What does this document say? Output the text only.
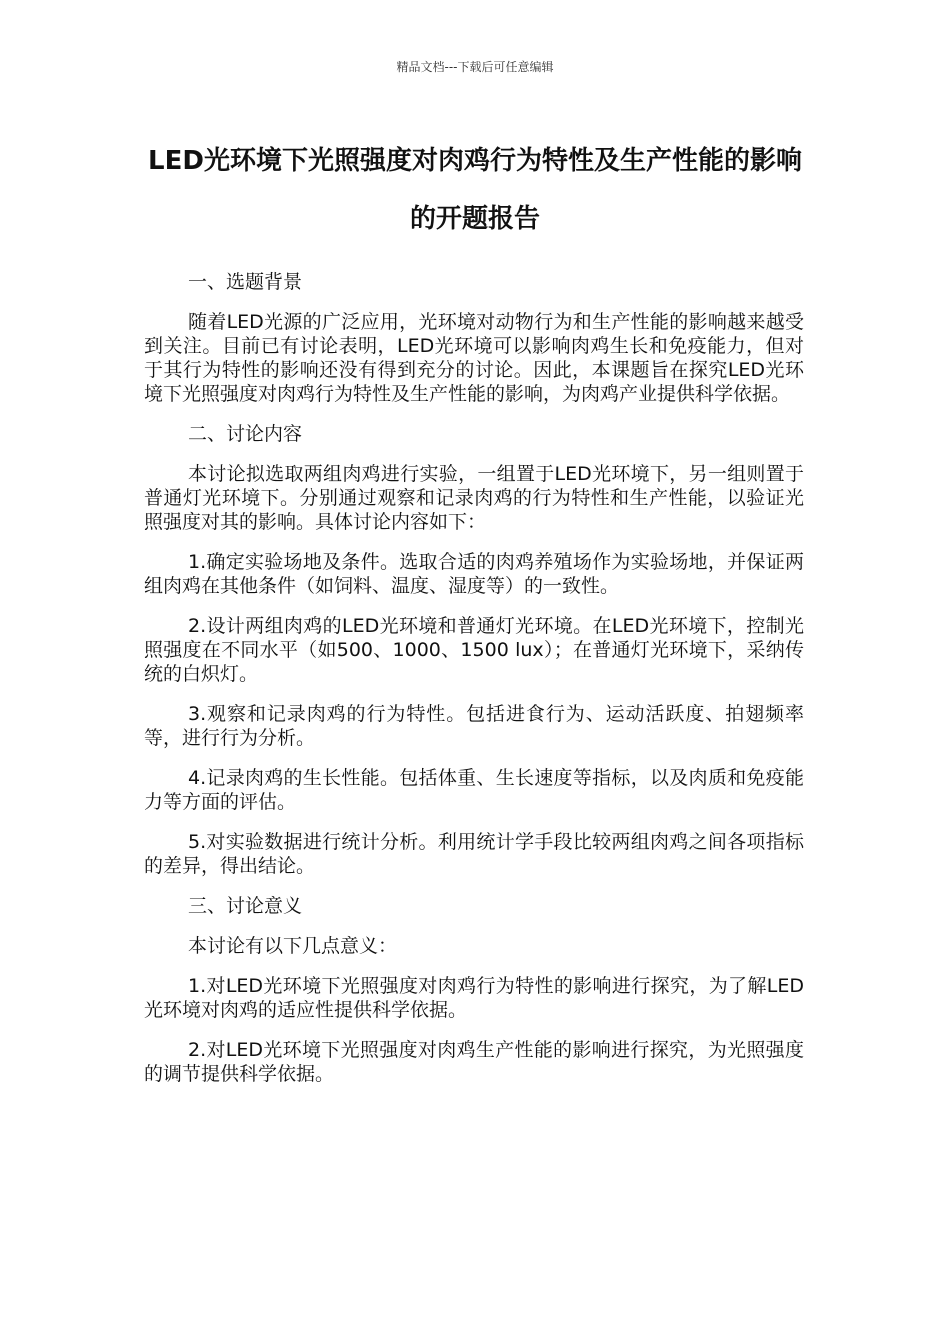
精品文档---下载后可任意编辑
LED光环境下光照强度对肉鸡行为特性及生产性能的影响的开题报告

一、选题背景

随着LED光源的广泛应用，光环境对动物行为和生产性能的影响越来越受到关注。目前已有讨论表明，LED光环境可以影响肉鸡生长和免疫能力，但对于其行为特性的影响还没有得到充分的讨论。因此，本课题旨在探究LED光环境下光照强度对肉鸡行为特性及生产性能的影响，为肉鸡产业提供科学依据。

二、讨论内容

本讨论拟选取两组肉鸡进行实验，一组置于LED光环境下，另一组则置于普通灯光环境下。分别通过观察和记录肉鸡的行为特性和生产性能，以验证光照强度对其的影响。具体讨论内容如下：

1.确定实验场地及条件。选取合适的肉鸡养殖场作为实验场地，并保证两组肉鸡在其他条件（如饲料、温度、湿度等）的一致性。

2.设计两组肉鸡的LED光环境和普通灯光环境。在LED光环境下，控制光照强度在不同水平（如500、1000、1500 lux）；在普通灯光环境下，采纳传统的白炽灯。

3.观察和记录肉鸡的行为特性。包括进食行为、运动活跃度、拍翅频率等，进行行为分析。

4.记录肉鸡的生长性能。包括体重、生长速度等指标，以及肉质和免疫能力等方面的评估。

5.对实验数据进行统计分析。利用统计学手段比较两组肉鸡之间各项指标的差异，得出结论。

三、讨论意义

本讨论有以下几点意义：

1.对LED光环境下光照强度对肉鸡行为特性的影响进行探究，为了解LED光环境对肉鸡的适应性提供科学依据。

2.对LED光环境下光照强度对肉鸡生产性能的影响进行探究，为光照强度的调节提供科学依据。
